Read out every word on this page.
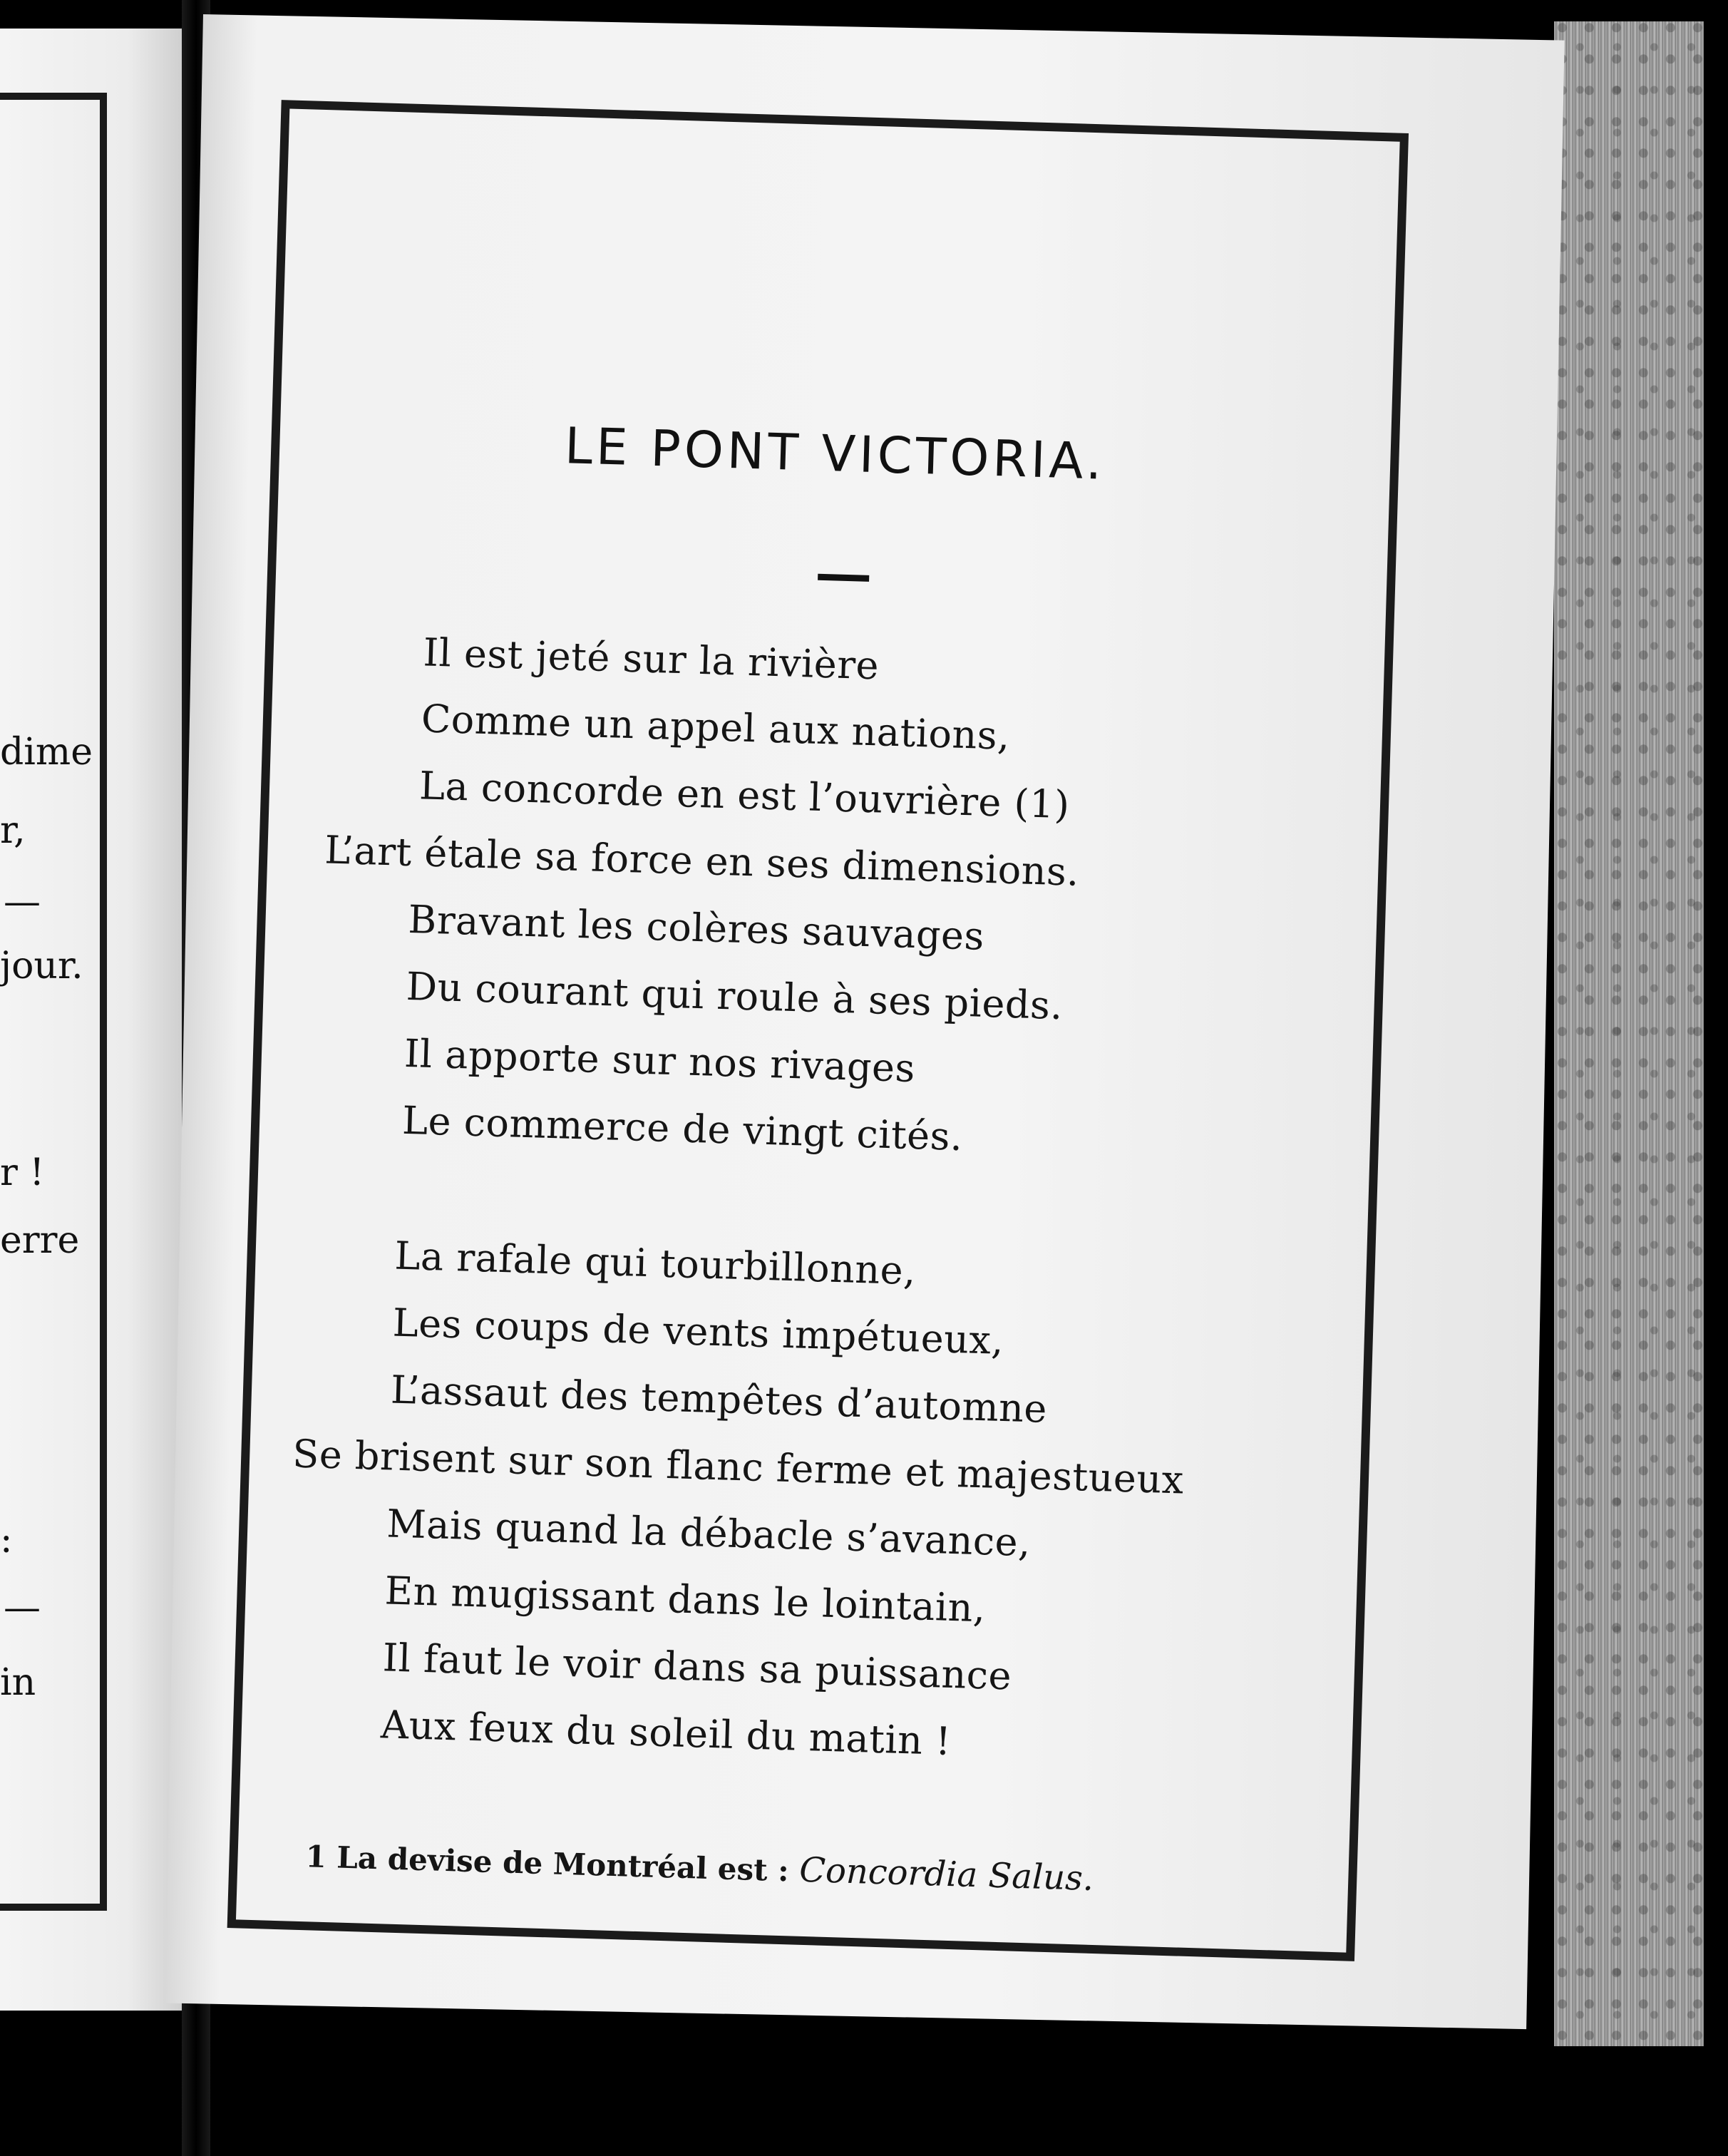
dime
r,
—
jour.
r !
erre
:
—
in
LE PONT VICTORIA.
Il est jeté sur la rivière
Comme un appel aux nations,
La concorde en est l’ouvrière (1)
L’art étale sa force en ses dimensions.
Bravant les colères sauvages
Du courant qui roule à ses pieds.
Il apporte sur nos rivages
Le commerce de vingt cités.
La rafale qui tourbillonne,
Les coups de vents impétueux,
L’assaut des tempêtes d’automne
Se brisent sur son flanc ferme et majestueux
Mais quand la débacle s’avance,
En mugissant dans le lointain,
Il faut le voir dans sa puissance
Aux feux du soleil du matin !
1 La devise de Montréal est : Concordia Salus.
